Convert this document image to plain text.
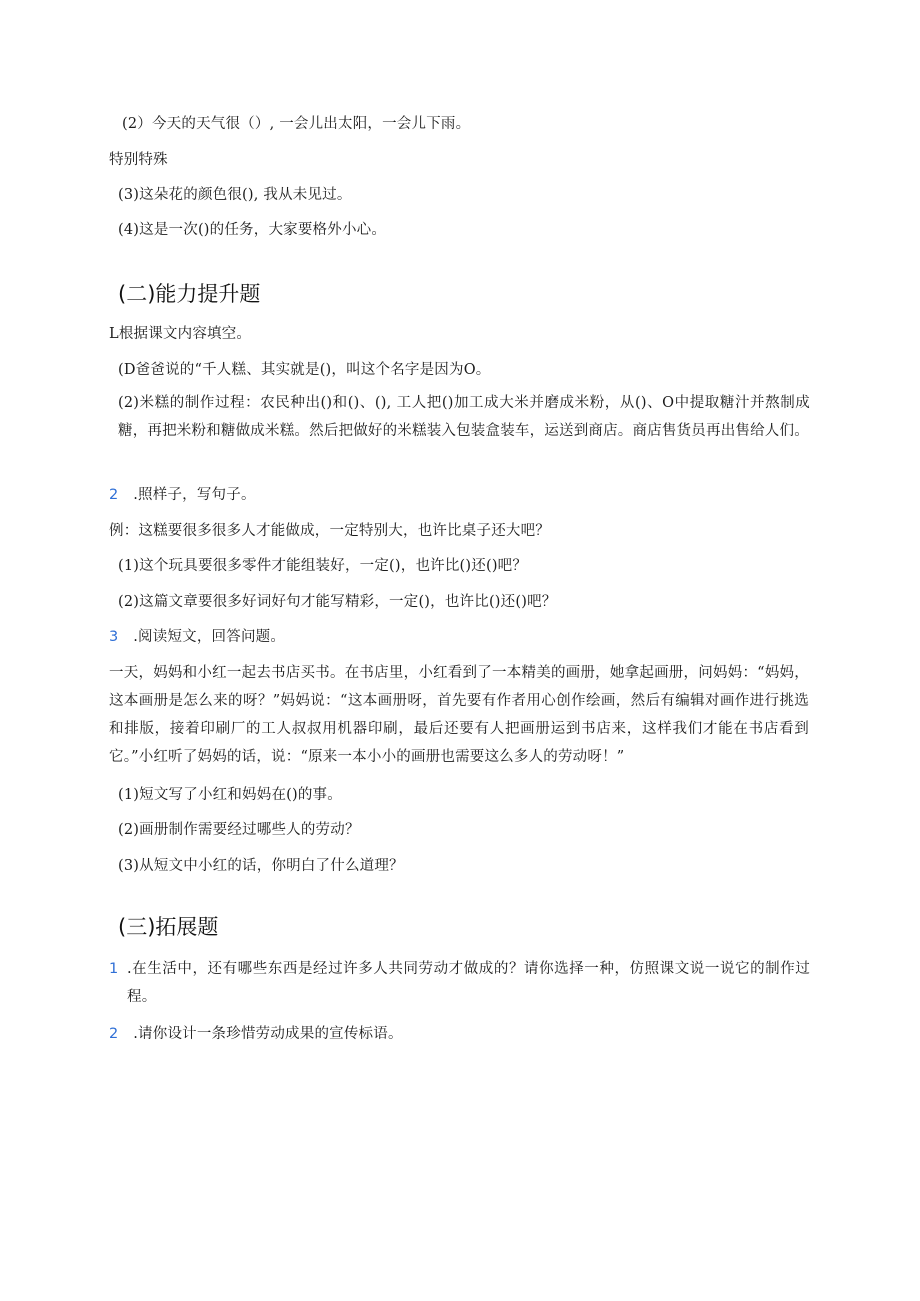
(2）今天的天气很（）, 一会儿出太阳，一会儿下雨。
特别特殊
(3)这朵花的颜色很(), 我从未见过。
(4)这是一次()的任务，大家要格外小心。
(二)能力提升题
L根据课文内容填空。
(D爸爸说的“千人糕、其实就是()，叫这个名字是因为O。
(2)米糕的制作过程：农民种出()和()、(), 工人把()加工成大米并磨成米粉，从()、O中提取糖汁并熬制成糖，再把米粉和糖做成米糕。然后把做好的米糕装入包装盒装车，运送到商店。商店售货员再出售给人们。
2 .照样子，写句子。
例：这糕要很多很多人才能做成，一定特别大，也许比桌子还大吧？
(1)这个玩具要很多零件才能组装好，一定()，也许比()还()吧？
(2)这篇文章要很多好词好句才能写精彩，一定()，也许比()还()吧？
3 .阅读短文，回答问题。
一天，妈妈和小红一起去书店买书。在书店里，小红看到了一本精美的画册，她拿起画册，问妈妈：“妈妈，这本画册是怎么来的呀？”妈妈说：“这本画册呀，首先要有作者用心创作绘画，然后有编辑对画作进行挑选和排版，接着印刷厂的工人叔叔用机器印刷，最后还要有人把画册运到书店来，这样我们才能在书店看到它。”小红听了妈妈的话，说：“原来一本小小的画册也需要这么多人的劳动呀！”
(1)短文写了小红和妈妈在()的事。
(2)画册制作需要经过哪些人的劳动？
(3)从短文中小红的话，你明白了什么道理？
(三)拓展题
1 .在生活中，还有哪些东西是经过许多人共同劳动才做成的？请你选择一种，仿照课文说一说它的制作过程。
2 .请你设计一条珍惜劳动成果的宣传标语。
